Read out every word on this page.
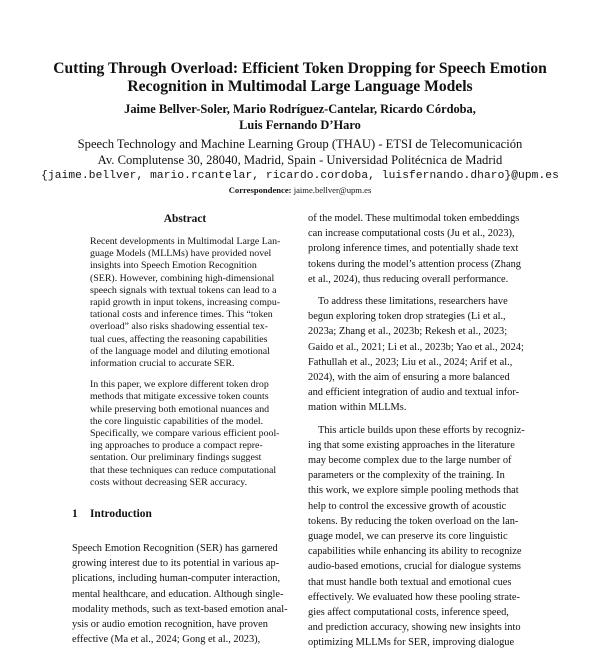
Cutting Through Overload: Efficient Token Dropping for Speech Emotion
Recognition in Multimodal Large Language Models
Jaime Bellver-Soler, Mario Rodríguez-Cantelar, Ricardo Córdoba,
Luis Fernando D’Haro
Speech Technology and Machine Learning Group (THAU) - ETSI de Telecomunicación
Av. Complutense 30, 28040, Madrid, Spain - Universidad Politécnica de Madrid
{jaime.bellver, mario.rcantelar, ricardo.cordoba, luisfernando.dharo}@upm.es
Correspondence: jaime.bellver@upm.es
Abstract
Recent developments in Multimodal Large Lan-
guage Models (MLLMs) have provided novel
insights into Speech Emotion Recognition
(SER). However, combining high-dimensional
speech signals with textual tokens can lead to a
rapid growth in input tokens, increasing compu-
tational costs and inference times. This “token
overload” also risks shadowing essential tex-
tual cues, affecting the reasoning capabilities
of the language model and diluting emotional
information crucial to accurate SER.
In this paper, we explore different token drop
methods that mitigate excessive token counts
while preserving both emotional nuances and
the core linguistic capabilities of the model.
Specifically, we compare various efficient pool-
ing approaches to produce a compact repre-
sentation. Our preliminary findings suggest
that these techniques can reduce computational
costs without decreasing SER accuracy.
1 Introduction
Speech Emotion Recognition (SER) has garnered
growing interest due to its potential in various ap-
plications, including human-computer interaction,
mental healthcare, and education. Although single-
modality methods, such as text-based emotion anal-
ysis or audio emotion recognition, have proven
effective (Ma et al., 2024; Gong et al., 2023),
of the model. These multimodal token embeddings
can increase computational costs (Ju et al., 2023),
prolong inference times, and potentially shade text
tokens during the model’s attention process (Zhang
et al., 2024), thus reducing overall performance.
To address these limitations, researchers have
begun exploring token drop strategies (Li et al.,
2023a; Zhang et al., 2023b; Rekesh et al., 2023;
Gaido et al., 2021; Li et al., 2023b; Yao et al., 2024;
Fathullah et al., 2023; Liu et al., 2024; Arif et al.,
2024), with the aim of ensuring a more balanced
and efficient integration of audio and textual infor-
mation within MLLMs.
This article builds upon these efforts by recogniz-
ing that some existing approaches in the literature
may become complex due to the large number of
parameters or the complexity of the training. In
this work, we explore simple pooling methods that
help to control the excessive growth of acoustic
tokens. By reducing the token overload on the lan-
guage model, we can preserve its core linguistic
capabilities while enhancing its ability to recognize
audio-based emotions, crucial for dialogue systems
that must handle both textual and emotional cues
effectively. We evaluated how these pooling strate-
gies affect computational costs, inference speed,
and prediction accuracy, showing new insights into
optimizing MLLMs for SER, improving dialogue
